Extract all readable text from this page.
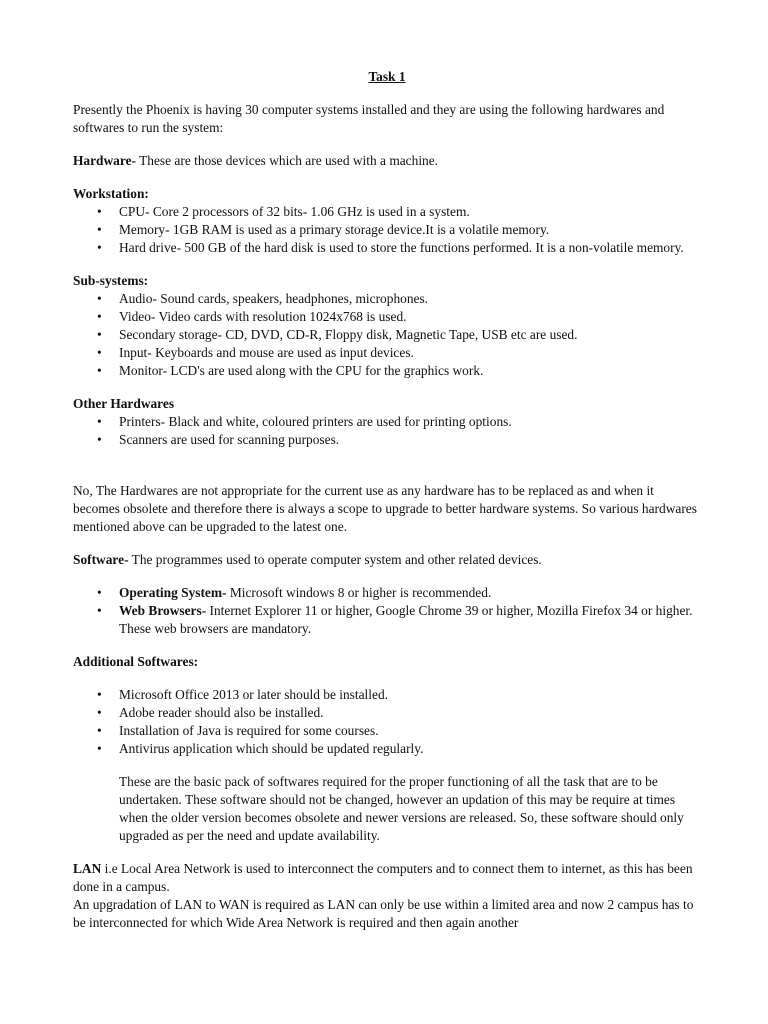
Task 1

Presently the Phoenix is having 30 computer systems installed and they are using the following hardwares and softwares to run the system:

Hardware- These are those devices which are used with a machine.

Workstation:

• CPU- Core 2 processors of 32 bits- 1.06 GHz is used in a system.
• Memory- 1GB RAM is used as a primary storage device.It is a volatile memory.
• Hard drive- 500 GB of the hard disk is used to store the functions performed. It is a non-volatile memory.

Sub-systems:

• Audio- Sound cards, speakers, headphones, microphones.
• Video- Video cards with resolution 1024x768 is used.
• Secondary storage- CD, DVD, CD-R, Floppy disk, Magnetic Tape, USB etc are used.
• Input- Keyboards and mouse are used as input devices.
• Monitor- LCD's are used along with the CPU for the graphics work.

Other Hardwares

• Printers- Black and white, coloured printers are used for printing options.
• Scanners are used for scanning purposes.

No, The Hardwares are not appropriate for the current use as any hardware has to be replaced as and when it becomes obsolete and therefore there is always a scope to upgrade to better hardware systems. So various hardwares mentioned above can be upgraded to the latest one.

Software- The programmes used to operate computer system and other related devices.

• Operating System- Microsoft windows 8 or higher is recommended.
• Web Browsers- Internet Explorer 11 or higher, Google Chrome 39 or higher, Mozilla Firefox 34 or higher. These web browsers are mandatory.

Additional Softwares:

• Microsoft Office 2013 or later should be installed.
• Adobe reader should also be installed.
• Installation of Java is required for some courses.
• Antivirus application which should be updated regularly.

These are the basic pack of softwares required for the proper functioning of all the task that are to be undertaken. These software should not be changed, however an updation of this may be require at times when the older version becomes obsolete and newer versions are released. So, these software should only upgraded as per the need and update availability.

LAN i.e Local Area Network is used to interconnect the computers and to connect them to internet, as this has been done in a campus.

An upgradation of LAN to WAN is required as LAN can only be use within a limited area and now 2 campus has to be interconnected for which Wide Area Network is required and then again another
